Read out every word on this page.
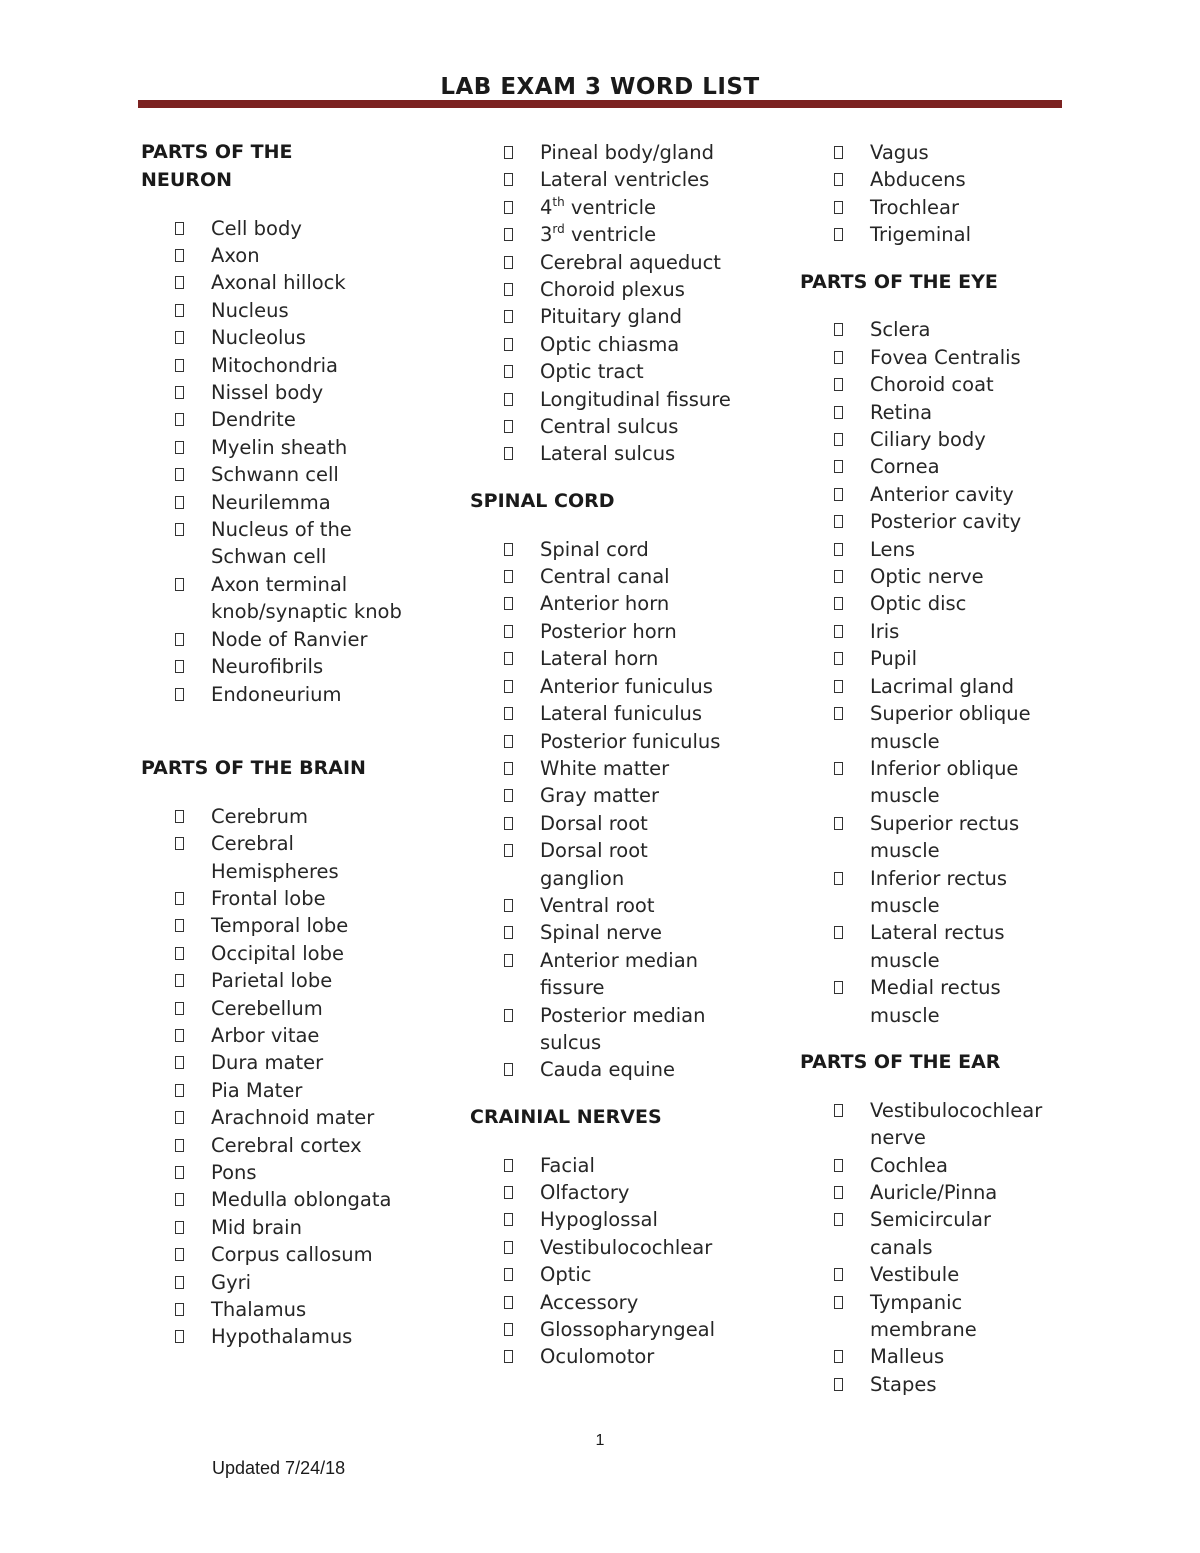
LAB EXAM 3 WORD LIST
PARTS OF THE NEURON
Cell body
Axon
Axonal hillock
Nucleus
Nucleolus
Mitochondria
Nissel body
Dendrite
Myelin sheath
Schwann cell
Neurilemma
Nucleus of the Schwan cell
Axon terminal knob/synaptic knob
Node of Ranvier
Neurofibrils
Endoneurium
PARTS OF THE BRAIN
Cerebrum
Cerebral Hemispheres
Frontal lobe
Temporal lobe
Occipital lobe
Parietal lobe
Cerebellum
Arbor vitae
Dura mater
Pia Mater
Arachnoid mater
Cerebral cortex
Pons
Medulla oblongata
Mid brain
Corpus callosum
Gyri
Thalamus
Hypothalamus
Pineal body/gland
Lateral ventricles
4th ventricle
3rd ventricle
Cerebral aqueduct
Choroid plexus
Pituitary gland
Optic chiasma
Optic tract
Longitudinal fissure
Central sulcus
Lateral sulcus
SPINAL CORD
Spinal cord
Central canal
Anterior horn
Posterior horn
Lateral horn
Anterior funiculus
Lateral funiculus
Posterior funiculus
White matter
Gray matter
Dorsal root
Dorsal root ganglion
Ventral root
Spinal nerve
Anterior median fissure
Posterior median sulcus
Cauda equine
CRAINIAL NERVES
Facial
Olfactory
Hypoglossal
Vestibulocochlear
Optic
Accessory
Glossopharyngeal
Oculomotor
Vagus
Abducens
Trochlear
Trigeminal
PARTS OF THE EYE
Sclera
Fovea Centralis
Choroid coat
Retina
Ciliary body
Cornea
Anterior cavity
Posterior cavity
Lens
Optic nerve
Optic disc
Iris
Pupil
Lacrimal gland
Superior oblique muscle
Inferior oblique muscle
Superior rectus muscle
Inferior rectus muscle
Lateral rectus muscle
Medial rectus muscle
PARTS OF THE EAR
Vestibulocochlear nerve
Cochlea
Auricle/Pinna
Semicircular canals
Vestibule
Tympanic membrane
Malleus
Stapes
1
Updated 7/24/18
